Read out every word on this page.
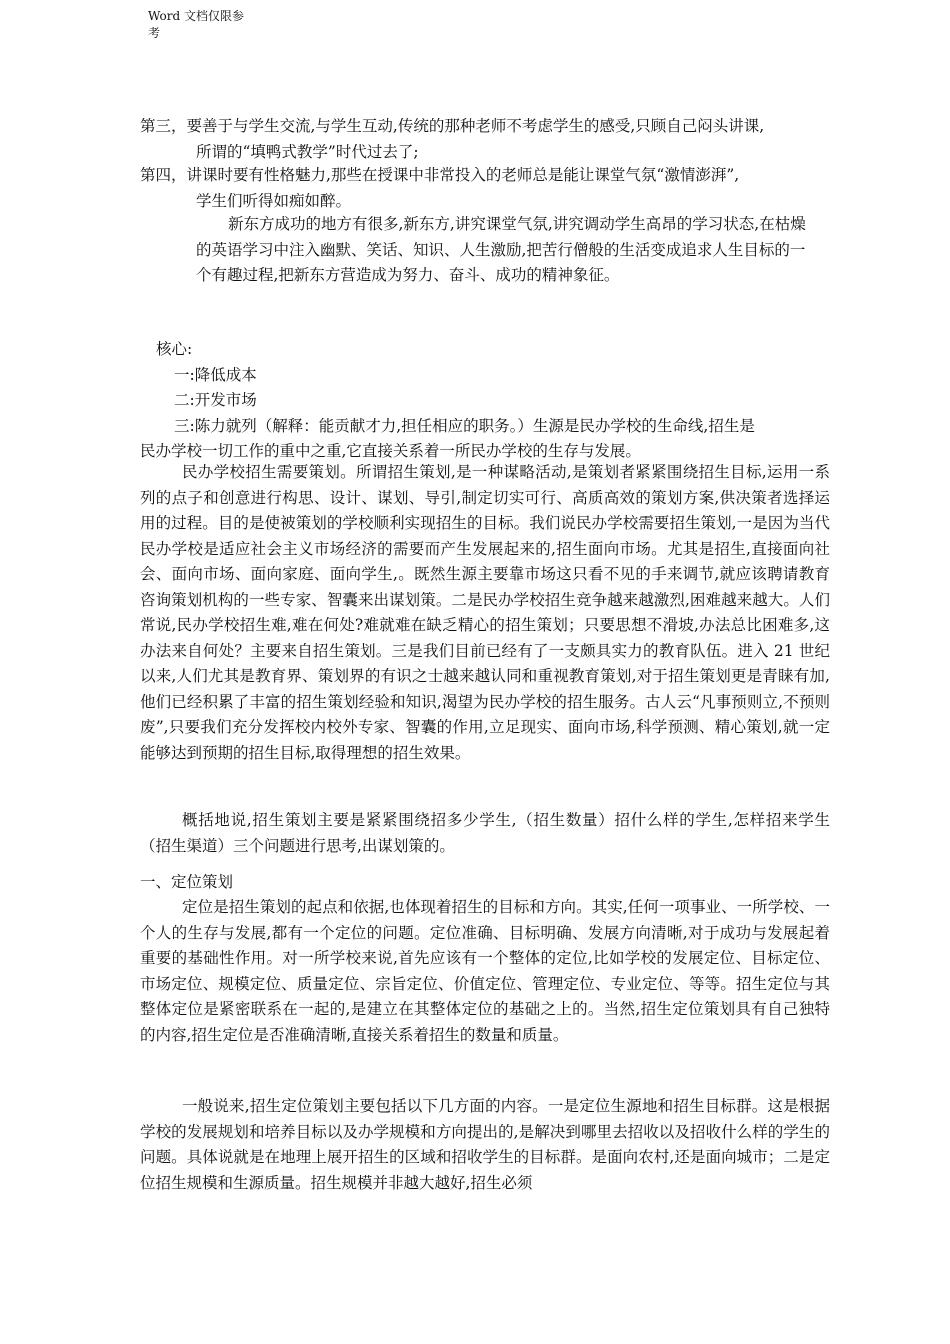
Word 文档仅限参
考
第三，要善于与学生交流,与学生互动,传统的那种老师不考虑学生的感受,只顾自己闷头讲课,
所谓的“填鸭式教学”时代过去了;
第四，讲课时要有性格魅力,那些在授课中非常投入的老师总是能让课堂气氛“激情澎湃”,
学生们听得如痴如醉。
新东方成功的地方有很多,新东方,讲究课堂气氛,讲究调动学生高昂的学习状态,在枯燥的英语学习中注入幽默、笑话、知识、人生激励,把苦行僧般的生活变成追求人生目标的一个有趣过程,把新东方营造成为努力、奋斗、成功的精神象征。
核心:
一:降低成本
二:开发市场
三:陈力就列（解释：能贡献才力,担任相应的职务。）生源是民办学校的生命线,招生是
民办学校一切工作的重中之重,它直接关系着一所民办学校的生存与发展。
民办学校招生需要策划。所谓招生策划,是一种谋略活动,是策划者紧紧围绕招生目标,运用一系列的点子和创意进行构思、设计、谋划、导引,制定切实可行、高质高效的策划方案,供决策者选择运用的过程。目的是使被策划的学校顺利实现招生的目标。我们说民办学校需要招生策划,一是因为当代民办学校是适应社会主义市场经济的需要而产生发展起来的,招生面向市场。尤其是招生,直接面向社会、面向市场、面向家庭、面向学生,。既然生源主要靠市场这只看不见的手来调节,就应该聘请教育咨询策划机构的一些专家、智囊来出谋划策。二是民办学校招生竞争越来越激烈,困难越来越大。人们常说,民办学校招生难,难在何处?难就难在缺乏精心的招生策划；只要思想不滑坡,办法总比困难多,这办法来自何处？主要来自招生策划。三是我们目前已经有了一支颇具实力的教育队伍。进入 21 世纪以来,人们尤其是教育界、策划界的有识之士越来越认同和重视教育策划,对于招生策划更是青睐有加,他们已经积累了丰富的招生策划经验和知识,渴望为民办学校的招生服务。古人云“凡事预则立,不预则废”,只要我们充分发挥校内校外专家、智囊的作用,立足现实、面向市场,科学预测、精心策划,就一定能够达到预期的招生目标,取得理想的招生效果。
概括地说,招生策划主要是紧紧围绕招多少学生,（招生数量）招什么样的学生,怎样招来学生（招生渠道）三个问题进行思考,出谋划策的。
一、定位策划
定位是招生策划的起点和依据,也体现着招生的目标和方向。其实,任何一项事业、一所学校、一个人的生存与发展,都有一个定位的问题。定位准确、目标明确、发展方向清晰,对于成功与发展起着重要的基础性作用。对一所学校来说,首先应该有一个整体的定位,比如学校的发展定位、目标定位、市场定位、规模定位、质量定位、宗旨定位、价值定位、管理定位、专业定位、等等。招生定位与其整体定位是紧密联系在一起的,是建立在其整体定位的基础之上的。当然,招生定位策划具有自己独特的内容,招生定位是否准确清晰,直接关系着招生的数量和质量。
一般说来,招生定位策划主要包括以下几方面的内容。一是定位生源地和招生目标群。这是根据学校的发展规划和培养目标以及办学规模和方向提出的,是解决到哪里去招收以及招收什么样的学生的问题。具体说就是在地理上展开招生的区域和招收学生的目标群。是面向农村,还是面向城市；二是定位招生规模和生源质量。招生规模并非越大越好,招生必须
